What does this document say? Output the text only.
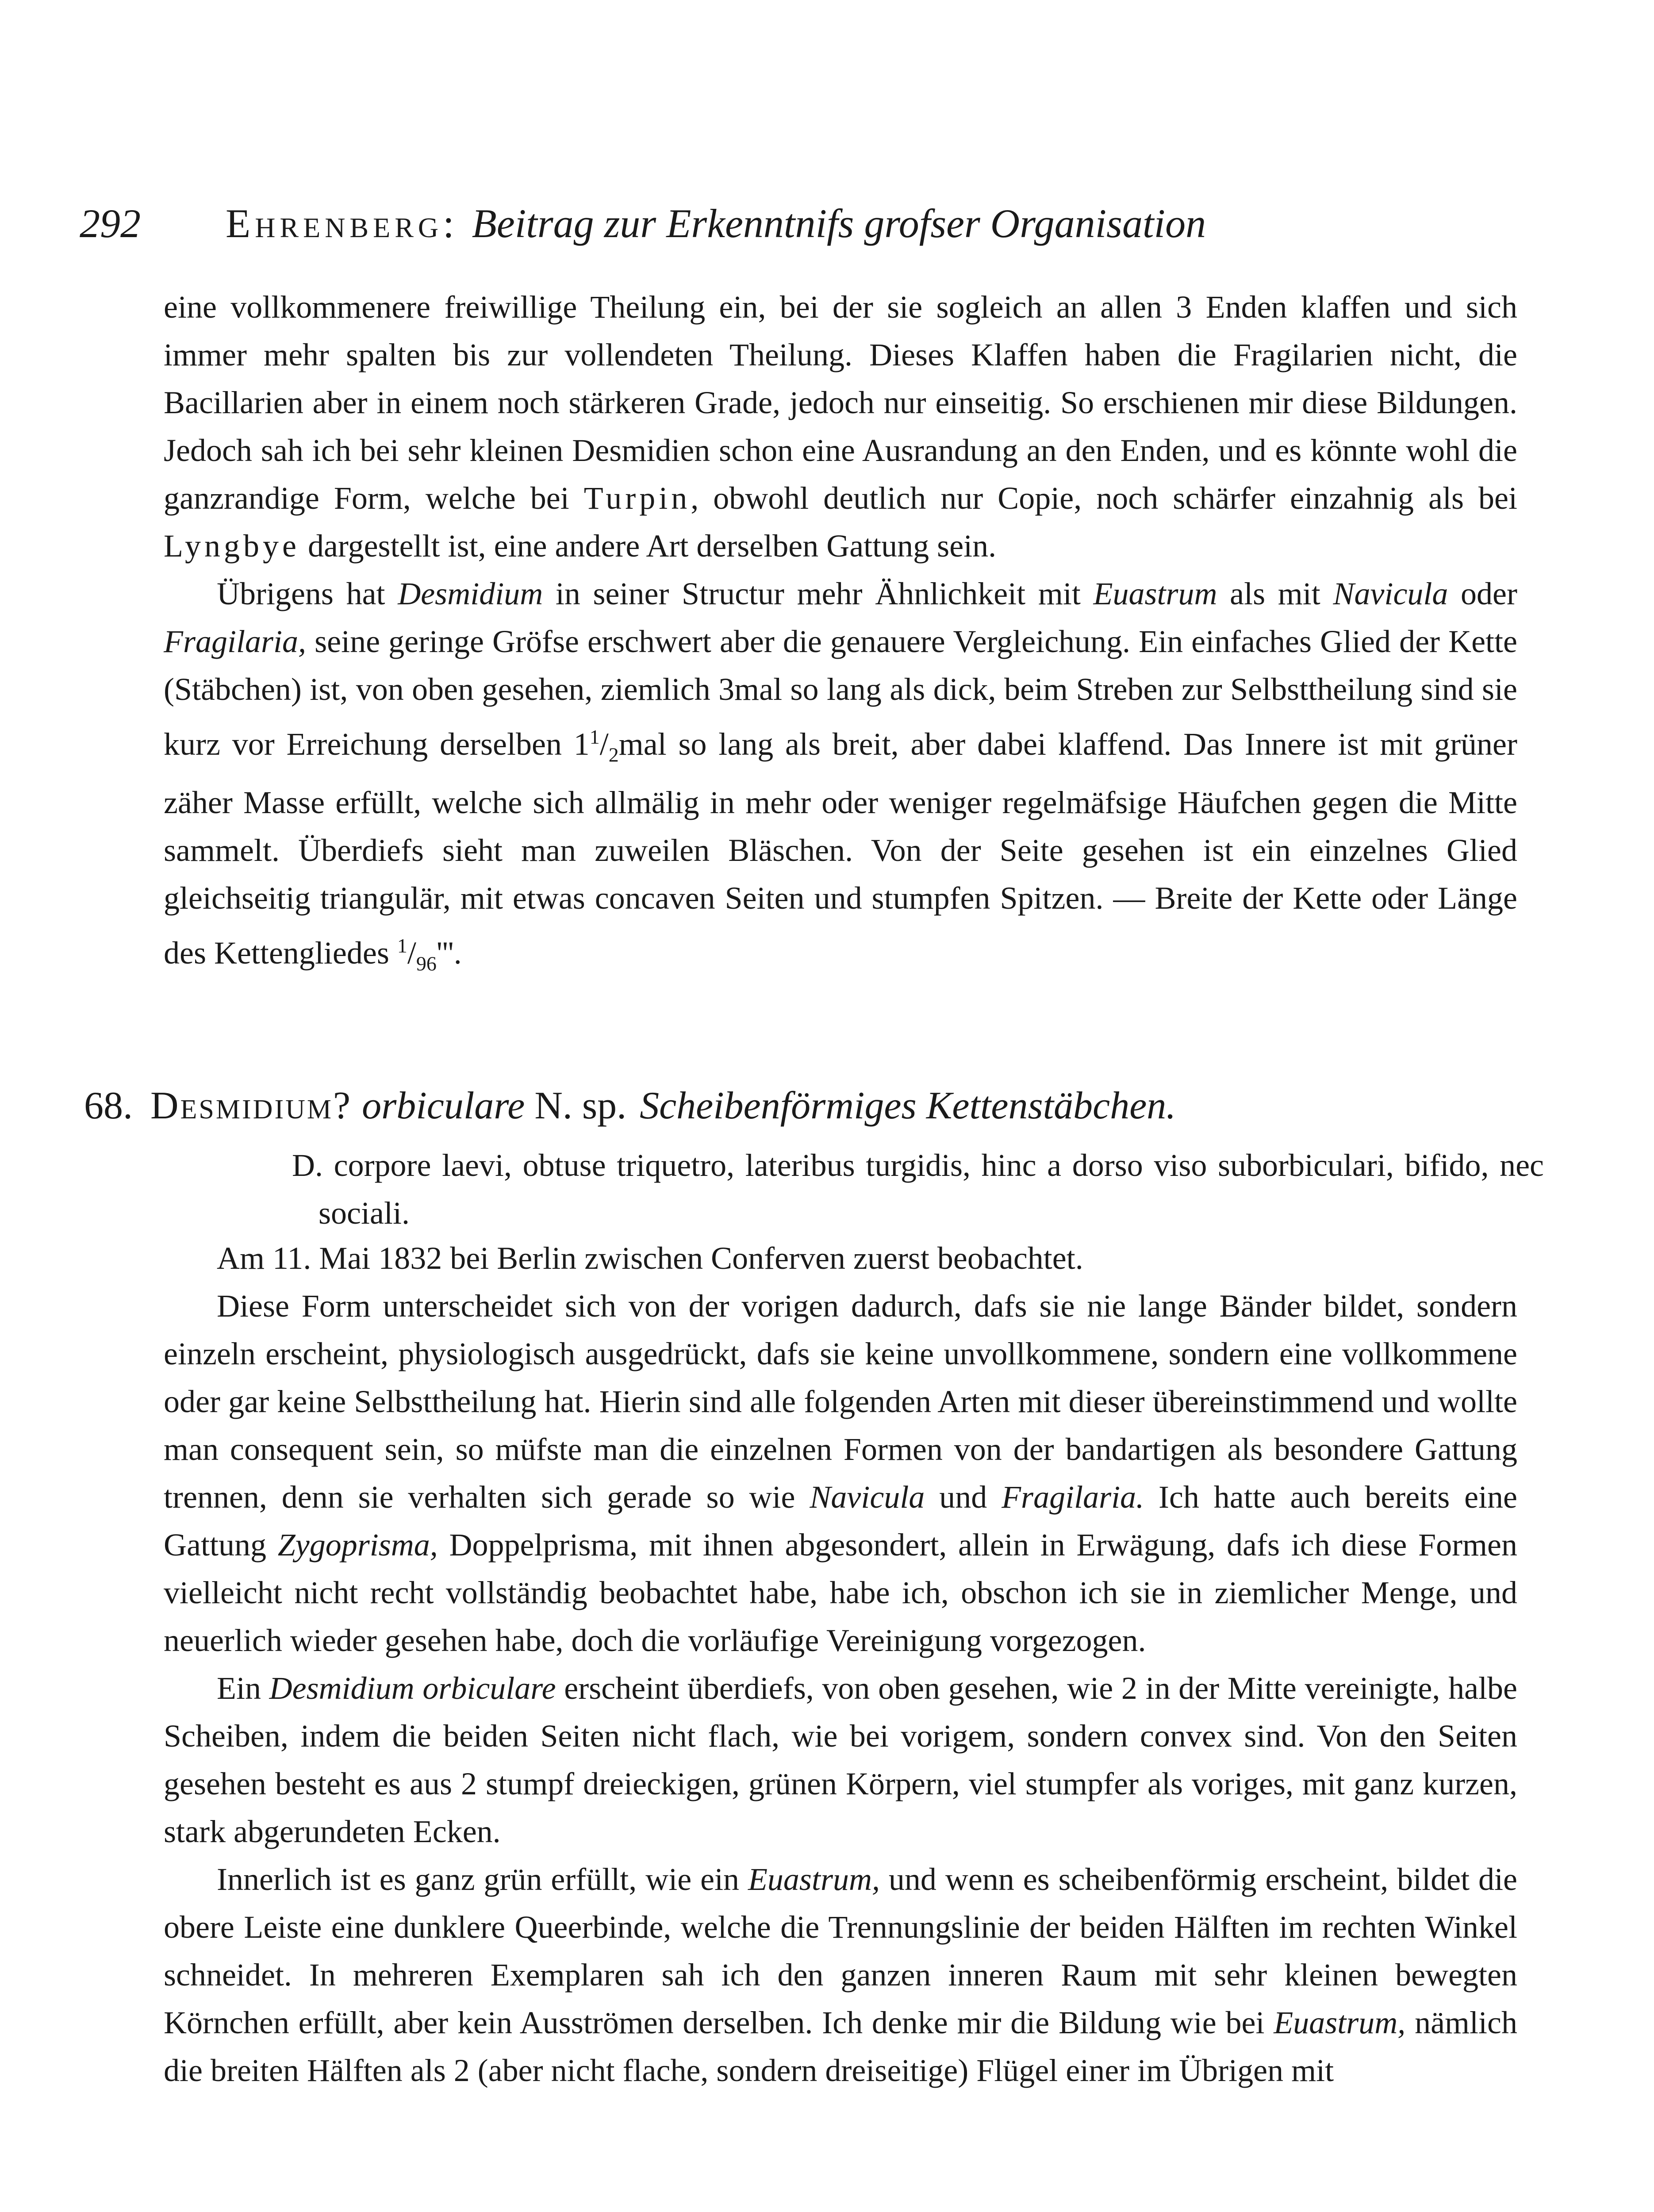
292 Ehrenberg: Beitrag zur Erkenntnifs grofser Organisation

eine vollkommenere freiwillige Theilung ein, bei der sie sogleich an allen 3 Enden klaffen und sich immer mehr spalten bis zur vollendeten Theilung. Dieses Klaffen haben die Fragilarien nicht, die Bacillarien aber in einem noch stärkeren Grade, jedoch nur einseitig. So erschienen mir diese Bildungen. Jedoch sah ich bei sehr kleinen Desmidien schon eine Ausrandung an den Enden, und es könnte wohl die ganzrandige Form, welche bei Turpin, obwohl deutlich nur Copie, noch schärfer einzahnig als bei Lyngbye dargestellt ist, eine andere Art derselben Gattung sein.

Übrigens hat Desmidium in seiner Structur mehr Ähnlichkeit mit Euastrum als mit Navicula oder Fragilaria, seine geringe Gröfse erschwert aber die genauere Vergleichung. Ein einfaches Glied der Kette (Stäbchen) ist, von oben gesehen, ziemlich 3mal so lang als dick, beim Streben zur Selbsttheilung sind sie kurz vor Erreichung derselben $1^1/_2mal$ so lang als breit, aber dabei klaffend. Das Innere ist mit grüner zäher Masse erfüllt, welche sich allmälig in mehr oder weniger regelmäfsige Häufchen gegen die Mitte sammelt. Überdiefs sieht man zuweilen Bläschen. Von der Seite gesehen ist ein einzelnes Glied gleichseitig triangulär, mit etwas concaven Seiten und stumpfen Spitzen. — Breite der Kette oder Länge des Kettengliedes $^1/_{96}'''$.

68. Desmidium? orbiculare N. sp. Scheibenförmiges Kettenstäbchen.
D. corpore laevi, obtuse triquetro, lateribus turgidis, hinc a dorso viso suborbiculari, bifido, nec sociali.

Am 11. Mai 1832 bei Berlin zwischen Conferven zuerst beobachtet.

Diese Form unterscheidet sich von der vorigen dadurch, dafs sie nie lange Bänder bildet, sondern einzeln erscheint, physiologisch ausgedrückt, dafs sie keine unvollkommene, sondern eine vollkommene oder gar keine Selbsttheilung hat. Hierin sind alle folgenden Arten mit dieser übereinstimmend und wollte man consequent sein, so müfste man die einzelnen Formen von der bandartigen als besondere Gattung trennen, denn sie verhalten sich gerade so wie Navicula und Fragilaria. Ich hatte auch bereits eine Gattung Zygoprisma, Doppelprisma, mit ihnen abgesondert, allein in Erwägung, dafs ich diese Formen vielleicht nicht recht vollständig beobachtet habe, habe ich, obschon ich sie in ziemlicher Menge, und neuerlich wieder gesehen habe, doch die vorläufige Vereinigung vorgezogen.

Ein Desmidium orbiculare erscheint überdiefs, von oben gesehen, wie 2 in der Mitte vereinigte, halbe Scheiben, indem die beiden Seiten nicht flach, wie bei vorigem, sondern convex sind. Von den Seiten gesehen besteht es aus 2 stumpf dreieckigen, grünen Körpern, viel stumpfer als voriges, mit ganz kurzen, stark abgerundeten Ecken.

Innerlich ist es ganz grün erfüllt, wie ein Euastrum, und wenn es scheibenförmig erscheint, bildet die obere Leiste eine dunklere Queerbinde, welche die Trennungslinie der beiden Hälften im rechten Winkel schneidet. In mehreren Exemplaren sah ich den ganzen inneren Raum mit sehr kleinen bewegten Körnchen erfüllt, aber kein Ausströmen derselben. Ich denke mir die Bildung wie bei Euastrum, nämlich die breiten Hälften als 2 (aber nicht flache, sondern dreiseitige) Flügel einer im Übrigen mit
